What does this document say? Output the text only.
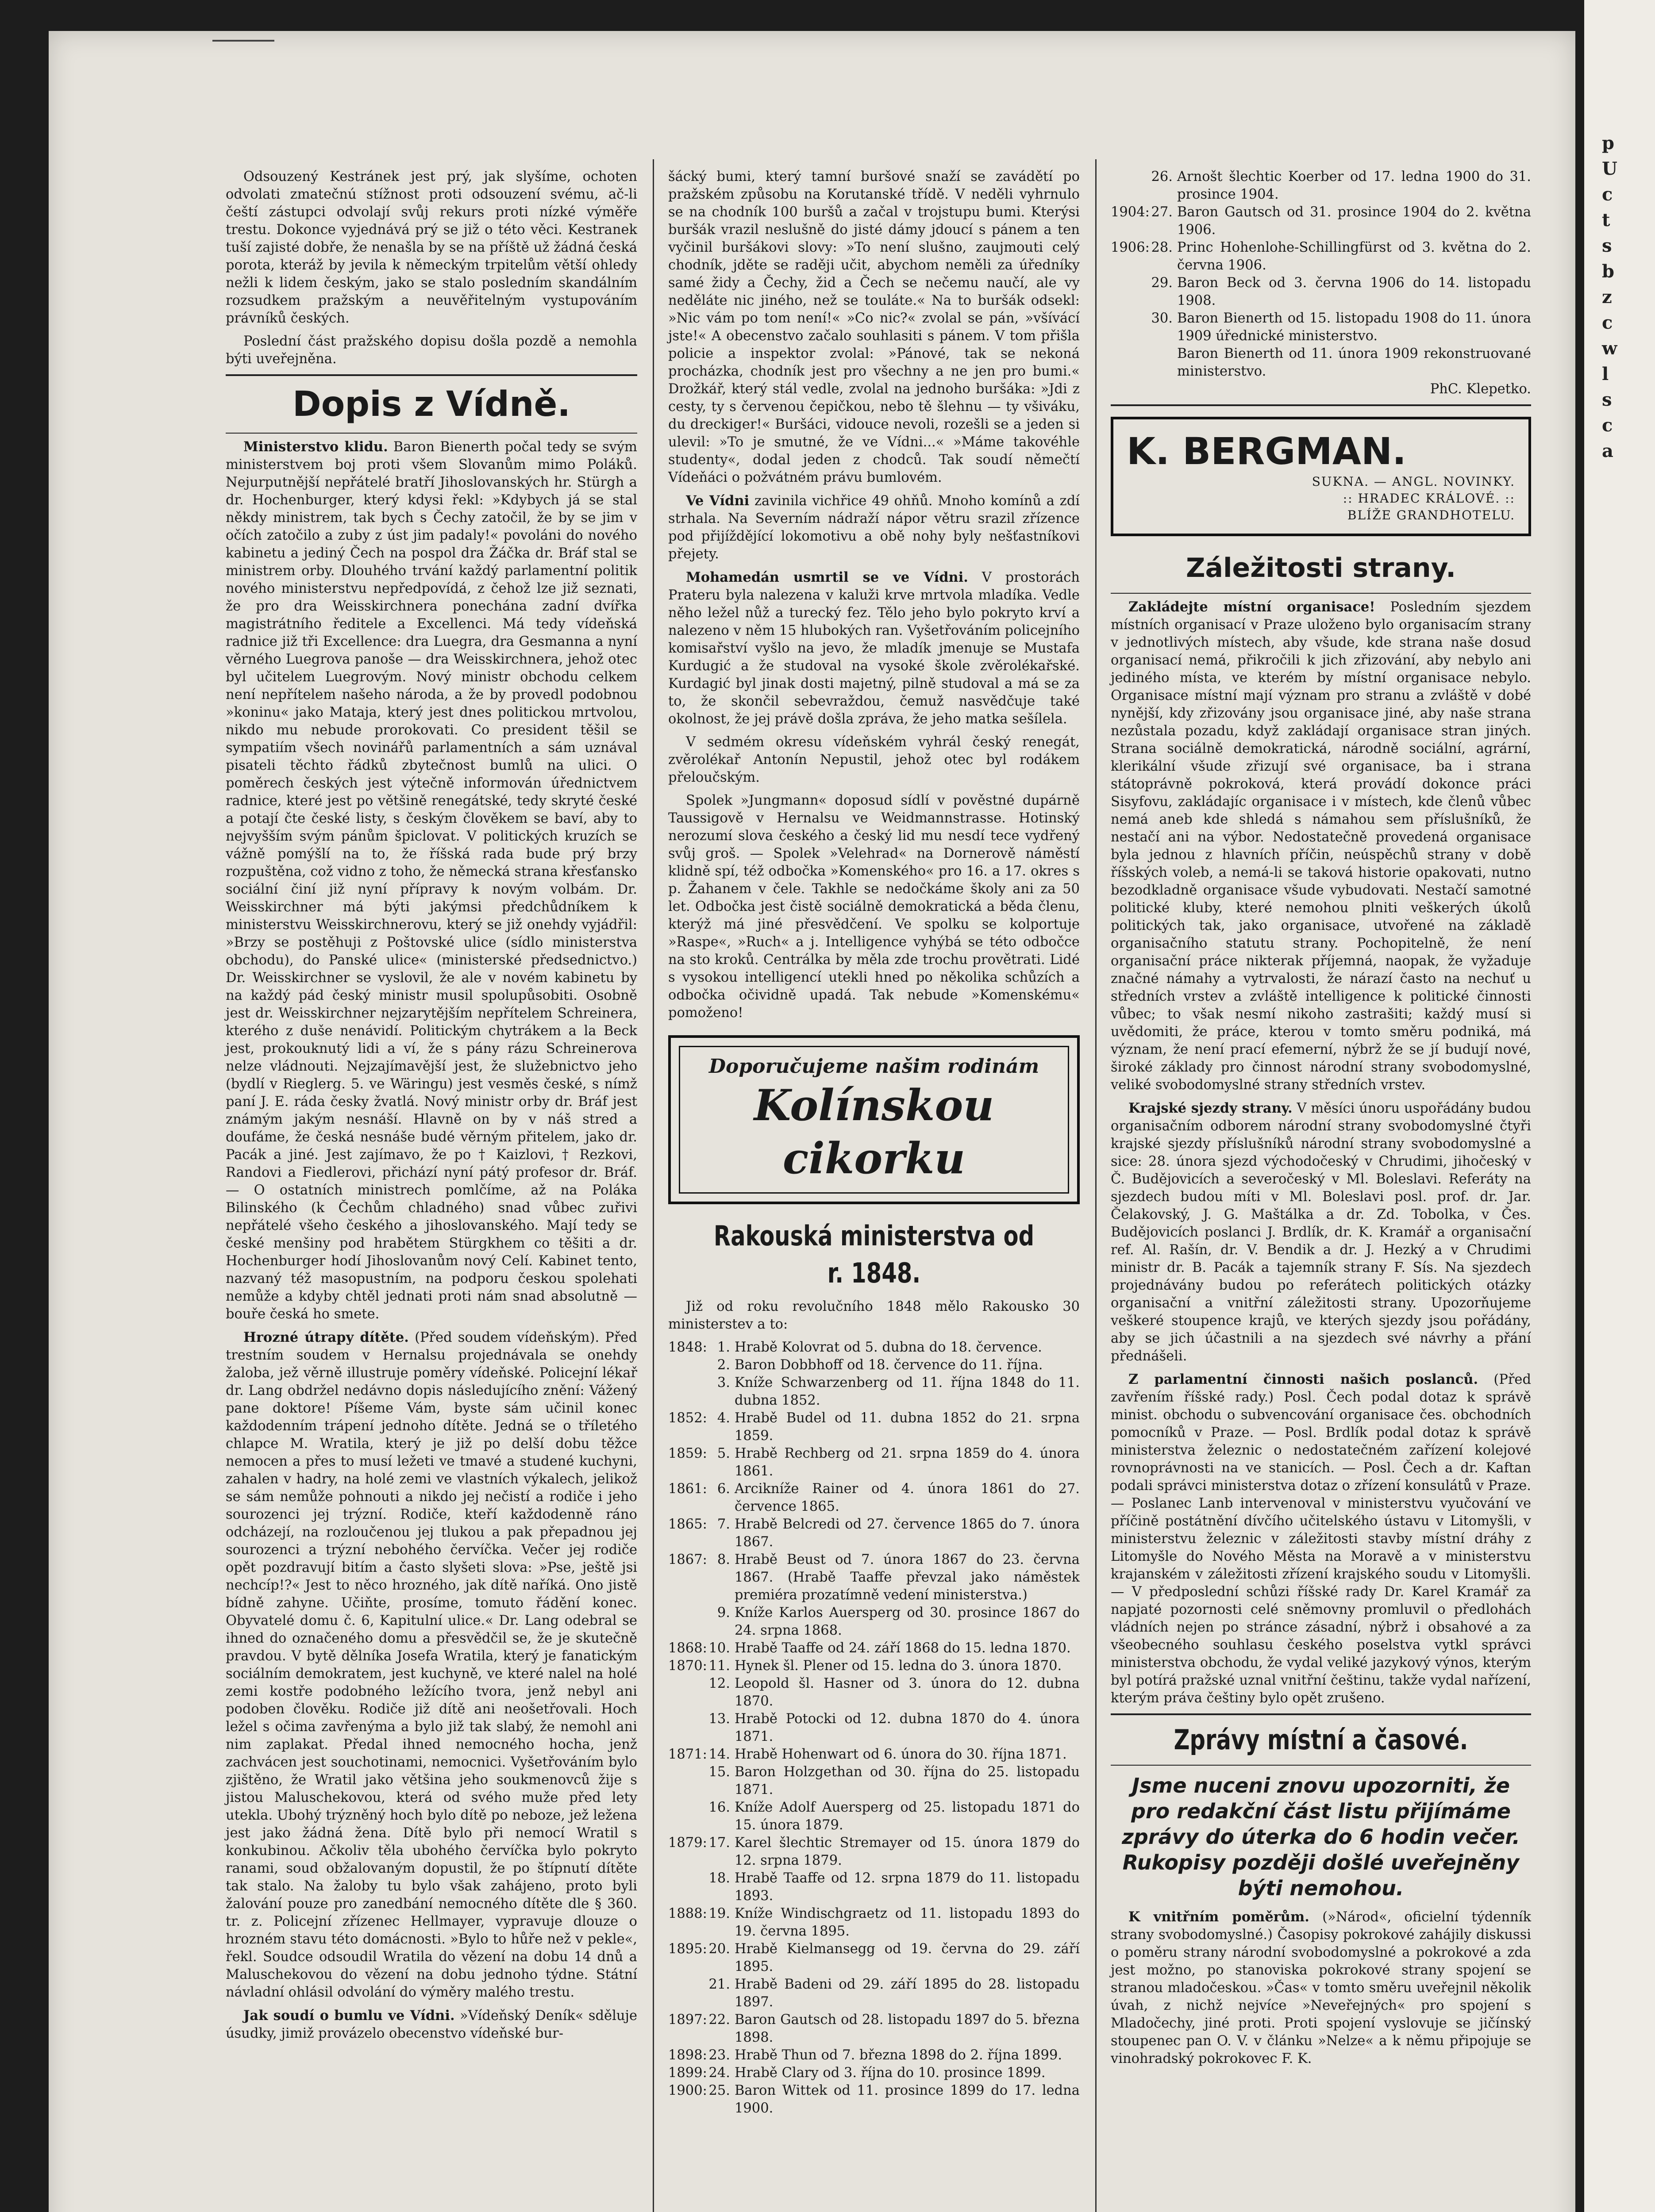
Odsouzený Kestránek jest prý, jak slyšíme, ochoten odvolati zmatečnú stížnost proti odsouzení svému, ač-li čeští zástupci odvolají svůj rekurs proti nízké výměře trestu. Dokonce vyjednává prý se již o této věci. Kestranek tuší zajisté dobře, že nenašla by se na příště už žádná česká porota, kteráž by jevila k německým trpitelům větší ohledy nežli k lidem českým, jako se stalo posledním skandálním rozsudkem pražským a neuvěřitelným vystupováním právníků českých.

Poslední část pražského dopisu došla pozdě a nemohla býti uveřejněna.

Dopis z Vídně.

Ministerstvo klidu. Baron Bienerth počal tedy se svým ministerstvem boj proti všem Slovanům mimo Poláků. Nejurputnější nepřátelé bratří Jihoslovanských hr. Stürgh a dr. Hochenburger, který kdysi řekl: »Kdybych já se stal někdy ministrem, tak bych s Čechy zatočil, že by se jim v očích zatočilo a zuby z úst jim padaly!« povoláni do nového kabinetu a jediný Čech na pospol dra Žáčka dr. Bráf stal se ministrem orby. Dlouhého trvání každý parlamentní politik nového ministerstvu nepředpovídá, z čehož lze již seznati, že pro dra Weisskirchnera ponechána zadní dvířka magistrátního ředitele a Excellenci. Má tedy vídeňská radnice již tři Excellence: dra Luegra, dra Gesmanna a nyní věrného Luegrova panoše — dra Weisskirchnera, jehož otec byl učitelem Luegrovým. Nový ministr obchodu celkem není nepřítelem našeho národa, a že by provedl podobnou »koninu« jako Mataja, který jest dnes politickou mrtvolou, nikdo mu nebude prorokovati. Co president těšil se sympatiím všech novinářů parlamentních a sám uznával pisateli těchto řádků zbytečnost bumlů na ulici. O poměrech českých jest výtečně informován úřednictvem radnice, které jest po většině renegátské, tedy skryté české a potají čte české listy, s českým člověkem se baví, aby to nejvyšším svým pánům špiclovat. V politických kruzích se vážně pomýšlí na to, že říšská rada bude prý brzy rozpuštěna, což vidno z toho, že německá strana křesťansko sociální činí již nyní přípravy k novým volbám. Dr. Weisskirchner má býti jakýmsi předchůdníkem k ministerstvu Weisskirchnerovu, který se již onehdy vyjádřil: »Brzy se postěhuji z Poštovské ulice (sídlo ministerstva obchodu), do Panské ulice« (ministerské předsednictvo.) Dr. Weisskirchner se vyslovil, že ale v novém kabinetu by na každý pád český ministr musil spolupůsobiti. Osobně jest dr. Weisskirchner nejzarytějším nepřítelem Schreinera, kterého z duše nenávidí. Politickým chytrákem a la Beck jest, prokouknutý lidi a ví, že s pány rázu Schreinerova nelze vládnouti. Nejzajímavější jest, že služebnictvo jeho (bydlí v Rieglerg. 5. ve Wäringu) jest vesměs české, s nímž paní J. E. ráda česky žvatlá. Nový ministr orby dr. Bráf jest známým jakým nesnáší. Hlavně on by v náš stred a doufáme, že česká nesnáše budé věrným přitelem, jako dr. Pacák a jiné. Jest zajímavo, že po † Kaizlovi, † Rezkovi, Randovi a Fiedlerovi, přichází nyní pátý profesor dr. Bráf. — O ostatních ministrech pomlčíme, až na Poláka Bilinského (k Čechům chladného) snad vůbec zuřivi nepřátelé všeho českého a jihoslovanského. Mají tedy se české menšiny pod hrabětem Stürgkhem co těšiti a dr. Hochenburger hodí Jihoslovanům nový Celí. Kabinet tento, nazvaný též masopustním, na podporu českou spolehati nemůže a kdyby chtěl jednati proti nám snad absolutně — bouře česká ho smete.

Hrozné útrapy dítěte. (Před soudem vídeňským). Před trestním soudem v Hernalsu projednávala se onehdy žaloba, jež věrně illustruje poměry vídeňské. Policejní lékař dr. Lang obdržel nedávno dopis následujícího znění: Vážený pane doktore! Píšeme Vám, byste sám učinil konec každodenním trápení jednoho dítěte. Jedná se o tříletého chlapce M. Wratila, který je již po delší dobu těžce nemocen a přes to musí ležeti ve tmavé a studené kuchyni, zahalen v hadry, na holé zemi ve vlastních výkalech, jelikož se sám nemůže pohnouti a nikdo jej nečistí a rodiče i jeho sourozenci jej trýzní. Rodiče, kteří každodenně ráno odcházejí, na rozloučenou jej tlukou a pak přepadnou jej sourozenci a trýzní nebohého červíčka. Večer jej rodiče opět pozdravují bitím a často slyšeti slova: »Pse, ještě jsi nechcíp!?« Jest to něco hrozného, jak dítě naříká. Ono jistě bídně zahyne. Učiňte, prosíme, tomuto řádění konec. Obyvatelé domu č. 6, Kapitulní ulice.« Dr. Lang odebral se ihned do označeného domu a přesvědčil se, že je skutečně pravdou. V bytě dělníka Josefa Wratila, který je fanatickým sociálním demokratem, jest kuchyně, ve které nalel na holé zemi kostře podobného ležícího tvora, jenž nebyl ani podoben člověku. Rodiče již dítě ani neošetřovali. Hoch ležel s očima zavřenýma a bylo již tak slabý, že nemohl ani nim zaplakat. Předal ihned nemocného hocha, jenž zachvácen jest souchotinami, nemocnici. Vyšetřováním bylo zjištěno, že Wratil jako většina jeho soukmenovců žije s jistou Maluschekovou, která od svého muže před lety utekla. Ubohý trýzněný hoch bylo dítě po neboze, jež ležena jest jako žádná žena. Dítě bylo při nemocí Wratil s konkubinou. Ačkoliv těla ubohého červíčka bylo pokryto ranami, soud obžalovaným dopustil, že po štípnutí dítěte tak stalo. Na žaloby tu bylo však zahájeno, proto byli žalování pouze pro zanedbání nemocného dítěte dle § 360. tr. z. Policejní zřízenec Hellmayer, vypravuje dlouze o hrozném stavu této domácnosti. »Bylo to hůře než v pekle«, řekl. Soudce odsoudil Wratila do vězení na dobu 14 dnů a Maluschekovou do vězení na dobu jednoho týdne. Státní návladní ohlásil odvolání do výměry malého trestu.

Jak soudí o bumlu ve Vídni. »Vídeňský Deník« sděluje úsudky, jimiž provázelo obecenstvo vídeňské bur-

šácký bumi, který tamní buršové snaží se zavádětí po pražském způsobu na Korutanské třídě. V neděli vyhrnulo se na chodník 100 buršů a začal v trojstupu bumi. Kterýsi buršák vrazil neslušně do jisté dámy jdoucí s pánem a ten vyčinil buršákovi slovy: »To není slušno, zaujmouti celý chodník, jděte se raději učit, abychom neměli za úředníky samé židy a Čechy, žid a Čech se nečemu naučí, ale vy neděláte nic jiného, než se touláte.« Na to buršák odsekl: »Nic vám po tom není!« »Co nic?« zvolal se pán, »všívácí jste!« A obecenstvo začalo souhlasiti s pánem. V tom přišla policie a inspektor zvolal: »Pánové, tak se nekoná procházka, chodník jest pro všechny a ne jen pro bumi.« Drožkář, který stál vedle, zvolal na jednoho buršáka: »Jdi z cesty, ty s červenou čepičkou, nebo tě šlehnu — ty všiváku, du dreckiger!« Buršáci, vidouce nevoli, rozešli se a jeden si ulevil: »To je smutné, že ve Vídni...« »Máme takovéhle studenty«, dodal jeden z chodců. Tak soudí němečtí Vídeňáci o požvátném právu bumlovém.

Ve Vídni zavinila vichřice 49 ohňů. Mnoho komínů a zdí strhala. Na Severním nádraží nápor větru srazil zřízence pod přijíždějící lokomotivu a obě nohy byly nešťastníkovi přejety.

Mohamedán usmrtil se ve Vídni. V prostorách Prateru byla nalezena v kaluži krve mrtvola mladíka. Vedle něho ležel nůž a turecký fez. Tělo jeho bylo pokryto krví a nalezeno v něm 15 hlubokých ran. Vyšetřováním policejního komisařství vyšlo na jevo, že mladík jmenuje se Mustafa Kurdugić a že studoval na vysoké škole zvěrolékařské. Kurdagić byl jinak dosti majetný, pilně studoval a má se za to, že skončil sebevraždou, čemuž nasvědčuje také okolnost, že jej právě došla zpráva, že jeho matka sešílela.

V sedmém okresu vídeňském vyhrál český renegát, zvěrolékař Antonín Nepustil, jehož otec byl rodákem přeloučským.

Spolek »Jungmann« doposud sídlí v pověstné dupárně Taussigově v Hernalsu ve Weidmannstrasse. Hotinský nerozumí slova českého a český lid mu nesdí tece vydřený svůj groš. — Spolek »Velehrad« na Dornerově náměstí klidně spí, též odbočka »Komenského« pro 16. a 17. okres s p. Žahanem v čele. Takhle se nedočkáme školy ani za 50 let. Odbočka jest čistě sociálně demokratická a běda členu, kterýž má jiné přesvědčení. Ve spolku se kolportuje »Raspe«, »Ruch« a j. Intelligence vyhýbá se této odbočce na sto kroků. Centrálka by měla zde trochu provětrati. Lidé s vysokou intelligencí utekli hned po několika schůzích a odbočka očividně upadá. Tak nebude »Komenskému« pomoženo!

Doporučujeme našim rodinám
Kolínskou cikorku
Rakouská ministerstva od r. 1848.

Již od roku revolučního 1848 mělo Rakousko 30 ministerstev a to:

1848: 1. Hrabě Kolovrat od 5. dubna do 18. července.
2. Baron Dobbhoff od 18. července do 11. října.
3. Kníže Schwarzenberg od 11. října 1848 do 11. dubna 1852.
1852: 4. Hrabě Budel od 11. dubna 1852 do 21. srpna 1859.
1859: 5. Hrabě Rechberg od 21. srpna 1859 do 4. února 1861.
1861: 6. Arcikníže Rainer od 4. února 1861 do 27. července 1865.
1865: 7. Hrabě Belcredi od 27. července 1865 do 7. února 1867.
1867: 8. Hrabě Beust od 7. února 1867 do 23. června 1867. (Hrabě Taaffe převzal jako náměstek premiéra prozatímně vedení ministerstva.)
9. Kníže Karlos Auersperg od 30. prosince 1867 do 24. srpna 1868.
1868: 10. Hrabě Taaffe od 24. září 1868 do 15. ledna 1870.
1870: 11. Hynek šl. Plener od 15. ledna do 3. února 1870.
12. Leopold šl. Hasner od 3. února do 12. dubna 1870.
13. Hrabě Potocki od 12. dubna 1870 do 4. února 1871.
1871: 14. Hrabě Hohenwart od 6. února do 30. října 1871.
15. Baron Holzgethan od 30. října do 25. listopadu 1871.
16. Kníže Adolf Auersperg od 25. listopadu 1871 do 15. února 1879.
1879: 17. Karel šlechtic Stremayer od 15. února 1879 do 12. srpna 1879.
18. Hrabě Taaffe od 12. srpna 1879 do 11. listopadu 1893.
1888: 19. Kníže Windischgraetz od 11. listopadu 1893 do 19. června 1895.
1895: 20. Hrabě Kielmansegg od 19. června do 29. září 1895.
21. Hrabě Badeni od 29. září 1895 do 28. listopadu 1897.
1897: 22. Baron Gautsch od 28. listopadu 1897 do 5. března 1898.
1898: 23. Hrabě Thun od 7. března 1898 do 2. října 1899.
1899: 24. Hrabě Clary od 3. října do 10. prosince 1899.
1900: 25. Baron Wittek od 11. prosince 1899 do 17. ledna 1900.
26. Arnošt šlechtic Koerber od 17. ledna 1900 do 31. prosince 1904.
1904: 27. Baron Gautsch od 31. prosince 1904 do 2. května 1906.
1906: 28. Princ Hohenlohe-Schillingfürst od 3. května do 2. června 1906.
29. Baron Beck od 3. června 1906 do 14. listopadu 1908.
30. Baron Bienerth od 15. listopadu 1908 do 11. února 1909 úřednické ministerstvo.
Baron Bienerth od 11. února 1909 rekonstruované ministerstvo.
PhC. Klepetko.
K. BERGMAN.
SUKNA. — ANGL. NOVINKY.
:: HRADEC KRÁLOVÉ. ::
BLÍŽE GRANDHOTELU.
Záležitosti strany.

Zakládejte místní organisace! Posledním sjezdem místních organisací v Praze uloženo bylo organisacím strany v jednotlivých místech, aby všude, kde strana naše dosud organisací nemá, přikročili k jich zřizování, aby nebylo ani jediného místa, ve kterém by místní organisace nebylo. Organisace místní mají význam pro stranu a zvláště v dobé nynější, kdy zřizovány jsou organisace jiné, aby naše strana nezůstala pozadu, když zakládají organisace stran jiných. Strana sociálně demokratická, národně sociální, agrární, klerikální všude zřizují své organisace, ba i strana státoprávně pokroková, která provádí dokonce práci Sisyfovu, zakládajíc organisace i v místech, kde členů vůbec nemá aneb kde shledá s námahou sem příslušníků, že nestačí ani na výbor. Nedostatečně provedená organisace byla jednou z hlavních příčin, neúspěchů strany v době říšských voleb, a nemá-li se taková historie opakovati, nutno bezodkladně organisace všude vybudovati. Nestačí samotné politické kluby, které nemohou plniti veškerých úkolů politických tak, jako organisace, utvořené na základě organisačního statutu strany. Pochopitelně, že není organisační práce nikterak příjemná, naopak, že vyžaduje značné námahy a vytrvalosti, že nárazí často na nechuť u středních vrstev a zvláště intelligence k politické činnosti vůbec; to však nesmí nikoho zastrašiti; každý musí si uvědomiti, že práce, kterou v tomto směru podniká, má význam, že není prací efemerní, nýbrž že se jí budují nové, široké základy pro činnost národní strany svobodomyslné, veliké svobodomyslné strany středních vrstev.

Krajské sjezdy strany. V měsíci únoru uspořádány budou organisačním odborem národní strany svobodomyslné čtyři krajské sjezdy příslušníků národní strany svobodomyslné a sice: 28. února sjezd východočeský v Chrudimi, jihočeský v Č. Budějovicích a severočeský v Ml. Boleslavi. Referáty na sjezdech budou míti v Ml. Boleslavi posl. prof. dr. Jar. Čelakovský, J. G. Maštálka a dr. Zd. Tobolka, v Čes. Budějovicích poslanci J. Brdlík, dr. K. Kramář a organisační ref. Al. Rašín, dr. V. Bendik a dr. J. Hezký a v Chrudimi ministr dr. B. Pacák a tajemník strany F. Sís. Na sjezdech projednávány budou po referátech politických otázky organisační a vnitřní záležitosti strany. Upozorňujeme veškeré stoupence krajů, ve kterých sjezdy jsou pořádány, aby se jich účastnili a na sjezdech své návrhy a přání přednášeli.

Z parlamentní činnosti našich poslanců. (Před zavřením říšské rady.) Posl. Čech podal dotaz k správě minist. obchodu o subvencování organisace čes. obchodních pomocníků v Praze. — Posl. Brdlík podal dotaz k správě ministerstva železnic o nedostatečném zařízení kolejové rovnoprávnosti na ve stanicích. — Posl. Čech a dr. Kaftan podali správci ministerstva dotaz o zřízení konsulátů v Praze. — Poslanec Lanb intervenoval v ministerstvu vyučování ve příčině postátnění dívčího učitelského ústavu v Litomyšli, v ministerstvu železnic v záležitosti stavby místní dráhy z Litomyšle do Nového Města na Moravě a v ministerstvu krajanském v záležitosti zřízení krajského soudu v Litomyšli. — V předposlední schůzi říšské rady Dr. Karel Kramář za napjaté pozornosti celé sněmovny promluvil o předlohách vládních nejen po stránce zásadní, nýbrž i obsahové a za všeobecného souhlasu českého poselstva vytkl správci ministerstva obchodu, že vydal veliké jazykový výnos, kterým byl potírá pražské uznal vnitřní češtinu, takže vydal nařízení, kterým práva češtiny bylo opět zrušeno.

Zprávy místní a časové.
Jsme nuceni znovu upozorniti, že pro redakční část listu přijímáme zprávy do úterka do 6 hodin večer. Rukopisy později došlé uveřejněny býti nemohou.

K vnitřním poměrům. (»Národ«, oficielní týdenník strany svobodomyslné.) Časopisy pokrokové zahájily diskussi o poměru strany národní svobodomyslné a pokrokové a zda jest možno, po stanoviska pokrokové strany spojení se stranou mladočeskou. »Čas« v tomto směru uveřejnil několik úvah, z nichž nejvíce »Neveřejných« pro spojení s Mladočechy, jiné proti. Proti spojení vyslovuje se jičínský stoupenec pan O. V. v článku »Nelze« a k němu připojuje se vinohradský pokrokovec F. K.

p
U
c
t
s
b
z
c
w
l
s
c
a
